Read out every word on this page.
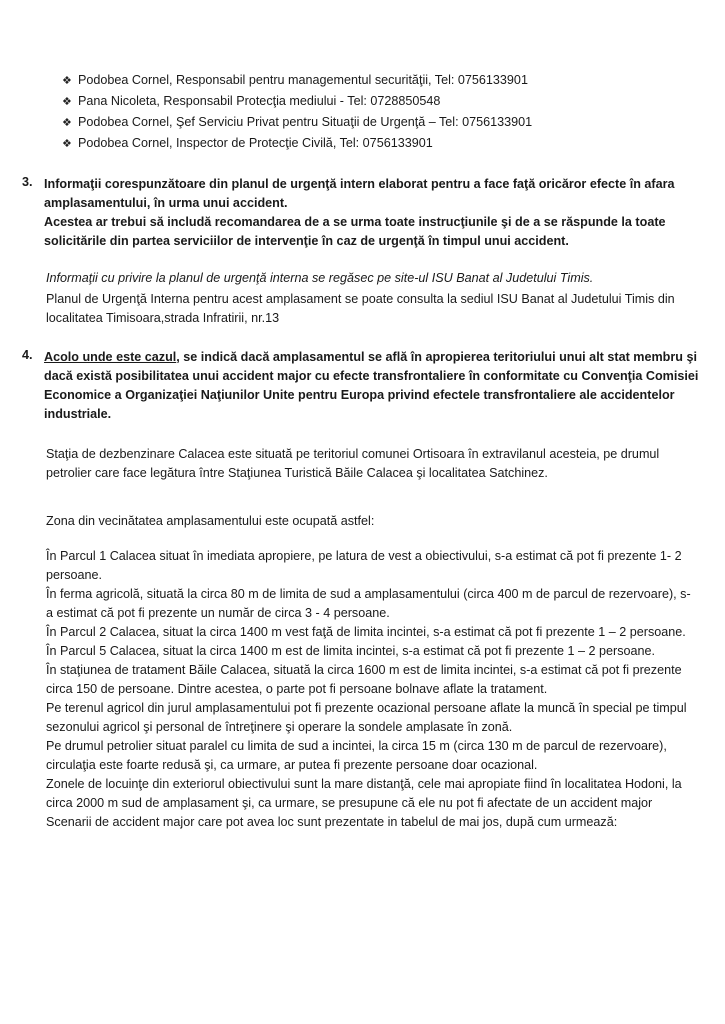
❖ Podobea Cornel, Responsabil pentru managementul securităţii, Tel: 0756133901
❖ Pana Nicoleta, Responsabil Protecţia mediului - Tel: 0728850548
❖ Podobea Cornel, Şef Serviciu Privat pentru Situaţii de Urgenţă – Tel: 0756133901
❖ Podobea Cornel, Inspector de Protecţie Civilă, Tel: 0756133901
3. Informaţii corespunzătoare din planul de urgenţă intern elaborat pentru a face faţă oricăror efecte în afara amplasamentului, în urma unui accident.
Acestea ar trebui să includă recomandarea de a se urma toate instrucţiunile şi de a se răspunde la toate solicitările din partea serviciilor de intervenţie în caz de urgenţă în timpul unui accident.
Informaţii cu privire la planul de urgenţă interna se regăsec pe site-ul ISU Banat al Judetului Timis.
Planul de Urgenţă Interna pentru acest amplasament se poate consulta la sediul ISU Banat al Judetului Timis din localitatea Timisoara,strada Infratirii, nr.13
4. Acolo unde este cazul, se indică dacă amplasamentul se află în apropierea teritoriului unui alt stat membru şi dacă există posibilitatea unui accident major cu efecte transfrontaliere în conformitate cu Convenţia Comisiei Economice a Organizaţiei Naţiunilor Unite pentru Europa privind efectele transfrontaliere ale accidentelor industriale.
Staţia de dezbenzinare Calacea este situată pe teritoriul comunei Ortisoara în extravilanul acesteia, pe drumul petrolier care face legătura între Staţiunea Turistică Băile Calacea şi localitatea Satchinez.
Zona din vecinătatea amplasamentului este ocupată astfel:

În Parcul 1 Calacea situat în imediata apropiere, pe latura de vest a obiectivului, s-a estimat că pot fi prezente 1- 2 persoane.

În ferma agricolă, situată la circa 80 m de limita de sud a amplasamentului (circa 400 m de parcul de rezervoare), s-a estimat că pot fi prezente un număr de circa 3 - 4 persoane.

În Parcul 2 Calacea, situat la circa 1400 m vest faţă de limita incintei, s-a estimat că pot fi prezente 1 – 2 persoane.

În Parcul 5 Calacea, situat la circa 1400 m est de limita incintei, s-a estimat că pot fi prezente 1 – 2 persoane.

În staţiunea de tratament Băile Calacea, situată la circa 1600 m est de limita incintei, s-a estimat că pot fi prezente circa 150 de persoane. Dintre acestea, o parte pot fi persoane bolnave aflate la tratament.

Pe terenul agricol din jurul amplasamentului pot fi prezente ocazional persoane aflate la muncă în special pe timpul sezonului agricol şi personal de întreţinere şi operare la sondele amplasate în zonă.

Pe drumul petrolier situat paralel cu limita de sud a incintei, la circa 15 m (circa 130 m de parcul de rezervoare), circulaţia este foarte redusă şi, ca urmare, ar putea fi prezente persoane doar ocazional.

Zonele de locuinţe din exteriorul obiectivului sunt la mare distanţă, cele mai apropiate fiind în localitatea Hodoni, la circa 2000 m sud de amplasament şi, ca urmare, se presupune că ele nu pot fi afectate de un accident major

Scenarii de accident major care pot avea loc sunt prezentate in tabelul de mai jos, după cum urmează:
